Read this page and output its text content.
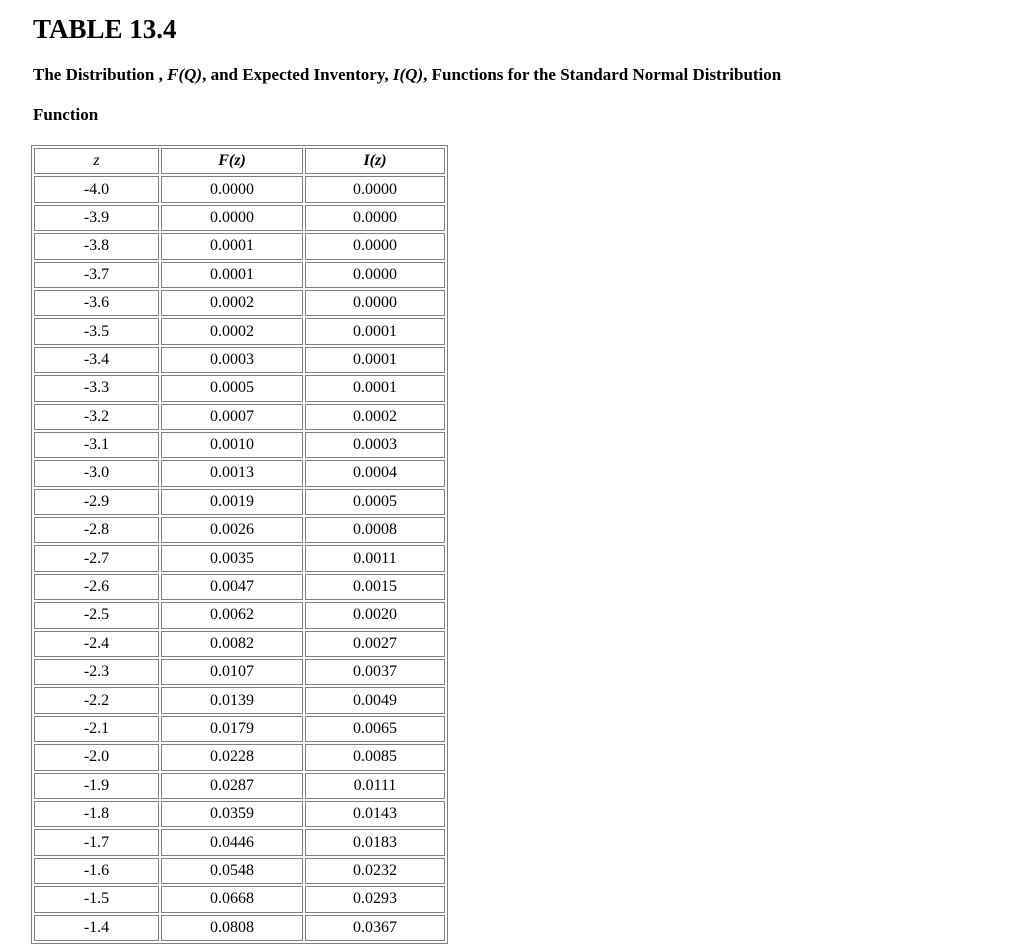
TABLE 13.4

The Distribution , F(Q), and Expected Inventory, I(Q), Functions for the Standard Normal Distribution

Function

z	F(z)	I(z)
-4.0	0.0000	0.0000
-3.9	0.0000	0.0000
-3.8	0.0001	0.0000
-3.7	0.0001	0.0000
-3.6	0.0002	0.0000
-3.5	0.0002	0.0001
-3.4	0.0003	0.0001
-3.3	0.0005	0.0001
-3.2	0.0007	0.0002
-3.1	0.0010	0.0003
-3.0	0.0013	0.0004
-2.9	0.0019	0.0005
-2.8	0.0026	0.0008
-2.7	0.0035	0.0011
-2.6	0.0047	0.0015
-2.5	0.0062	0.0020
-2.4	0.0082	0.0027
-2.3	0.0107	0.0037
-2.2	0.0139	0.0049
-2.1	0.0179	0.0065
-2.0	0.0228	0.0085
-1.9	0.0287	0.0111
-1.8	0.0359	0.0143
-1.7	0.0446	0.0183
-1.6	0.0548	0.0232
-1.5	0.0668	0.0293
-1.4	0.0808	0.0367
